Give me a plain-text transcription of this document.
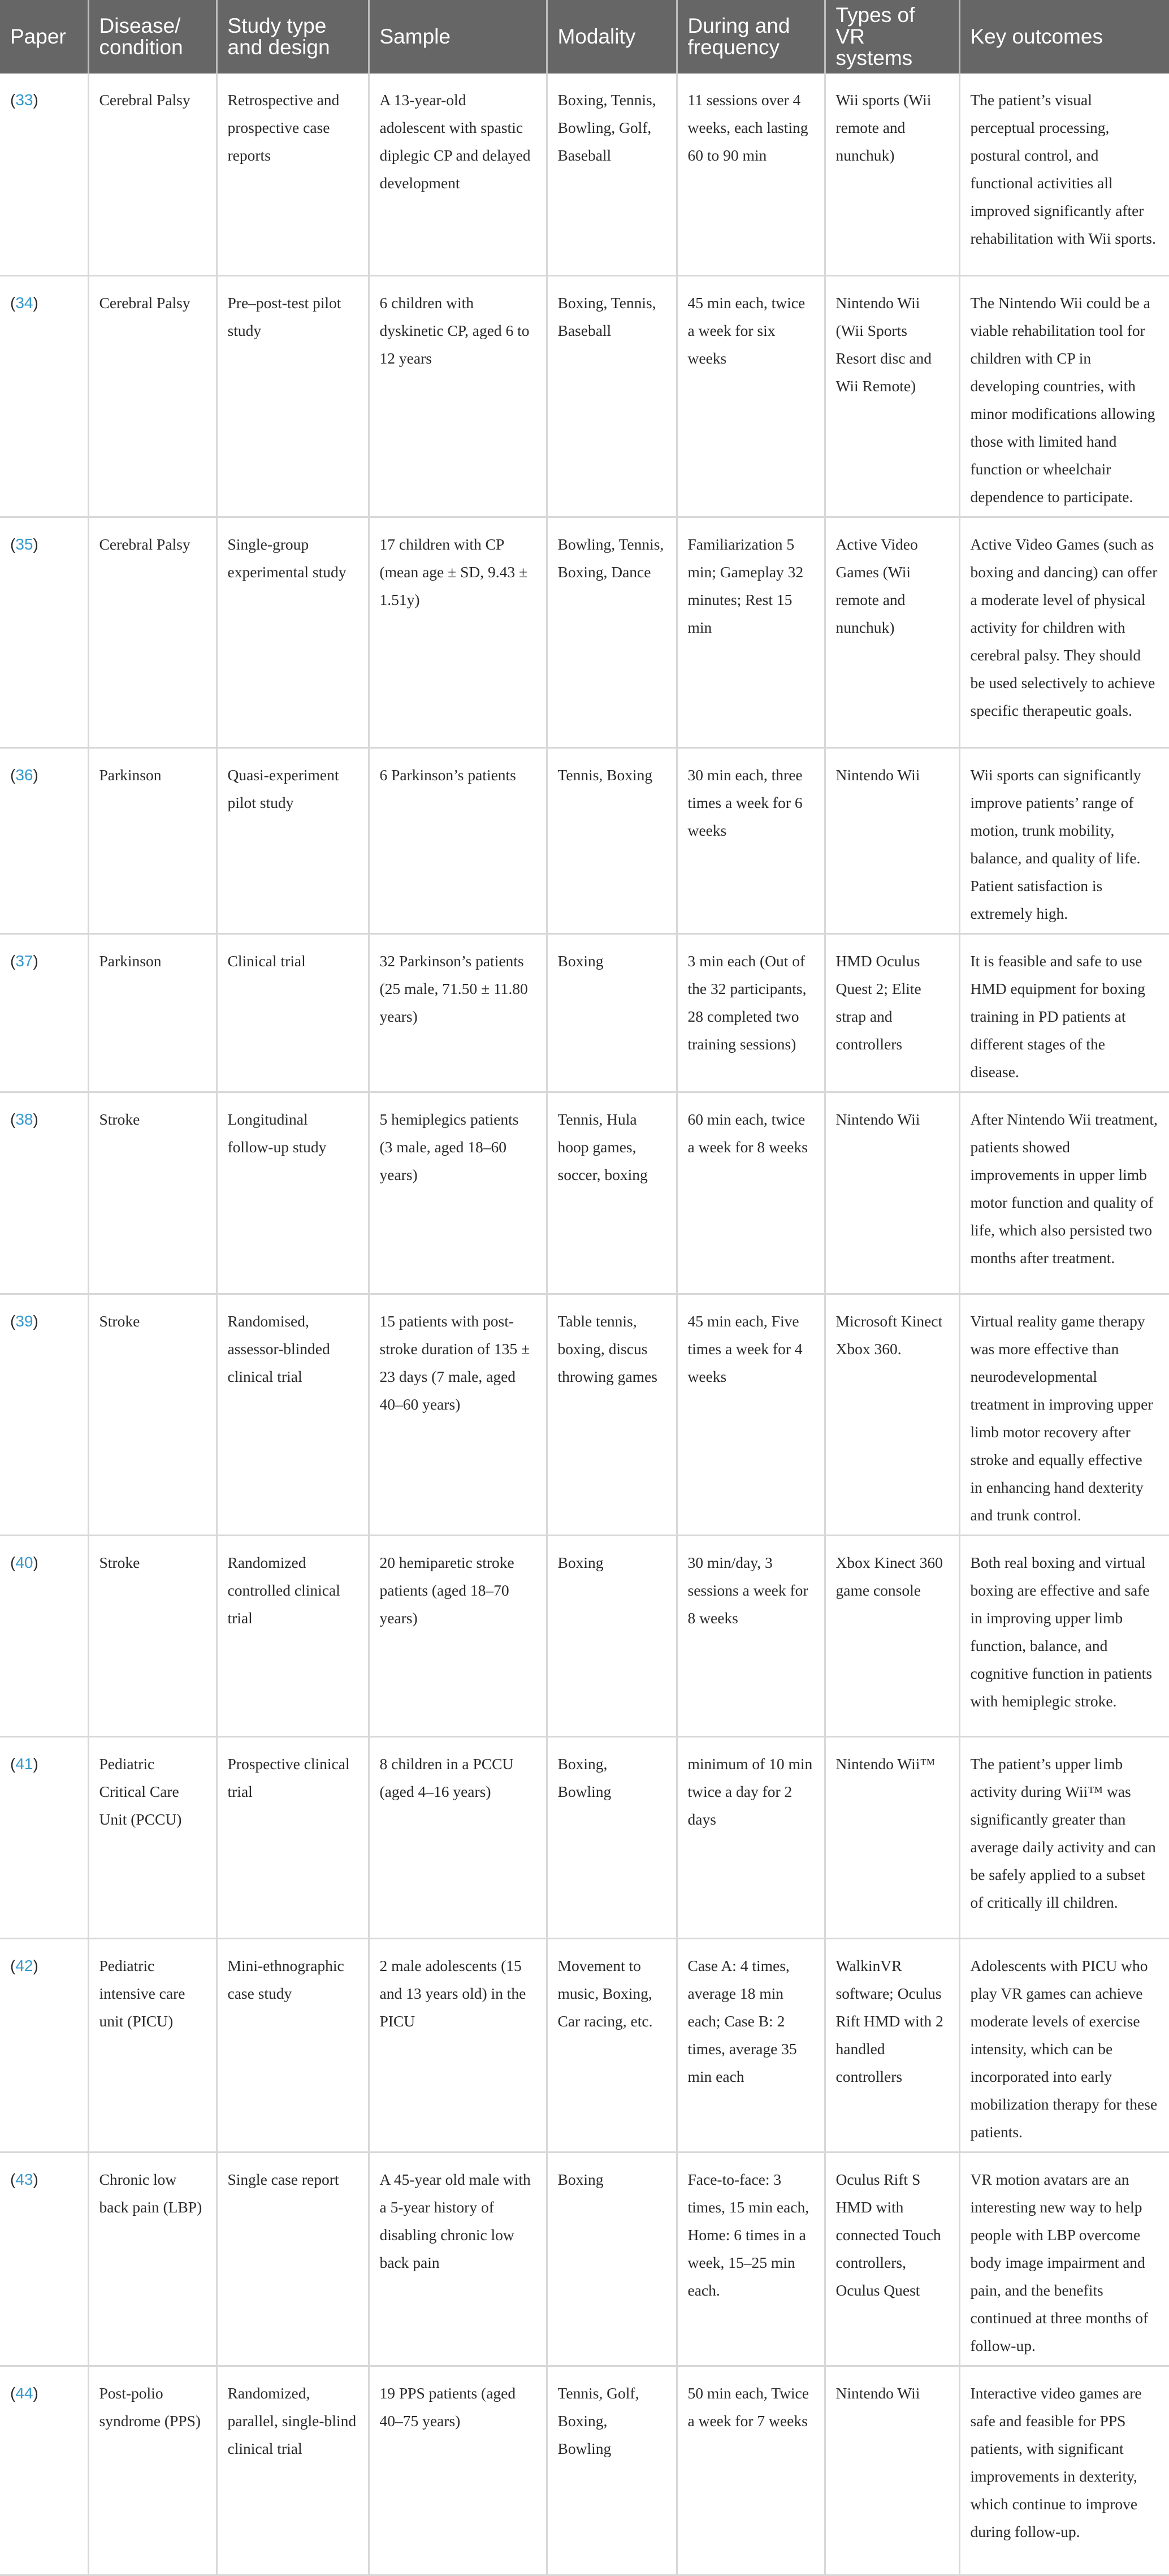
Paper	Disease/ condition	Study type and design	Sample	Modality	During and frequency	Types of VR systems	Key outcomes
(33)	Cerebral Palsy	Retrospective and prospective case reports	A 13-year-old adolescent with spastic diplegic CP and delayed development	Boxing, Tennis, Bowling, Golf, Baseball	11 sessions over 4 weeks, each lasting 60 to 90 min	Wii sports (Wii remote and nunchuk)	The patient’s visual perceptual processing, postural control, and functional activities all improved significantly after rehabilitation with Wii sports.
(34)	Cerebral Palsy	Pre–post-test pilot study	6 children with dyskinetic CP, aged 6 to 12 years	Boxing, Tennis, Baseball	45 min each, twice a week for six weeks	Nintendo Wii (Wii Sports Resort disc and Wii Remote)	The Nintendo Wii could be a viable rehabilitation tool for children with CP in developing countries, with minor modifications allowing those with limited hand function or wheelchair dependence to participate.
(35)	Cerebral Palsy	Single-group experimental study	17 children with CP (mean age ± SD, 9.43 ± 1.51y)	Bowling, Tennis, Boxing, Dance	Familiarization 5 min; Gameplay 32 minutes; Rest 15 min	Active Video Games (Wii remote and nunchuk)	Active Video Games (such as boxing and dancing) can offer a moderate level of physical activity for children with cerebral palsy. They should be used selectively to achieve specific therapeutic goals.
(36)	Parkinson	Quasi-experiment pilot study	6 Parkinson’s patients	Tennis, Boxing	30 min each, three times a week for 6 weeks	Nintendo Wii	Wii sports can significantly improve patients’ range of motion, trunk mobility, balance, and quality of life. Patient satisfaction is extremely high.
(37)	Parkinson	Clinical trial	32 Parkinson’s patients (25 male, 71.50 ± 11.80 years)	Boxing	3 min each (Out of the 32 participants, 28 completed two training sessions)	HMD Oculus Quest 2; Elite strap and controllers	It is feasible and safe to use HMD equipment for boxing training in PD patients at different stages of the disease.
(38)	Stroke	Longitudinal follow-up study	5 hemiplegics patients (3 male, aged 18–60 years)	Tennis, Hula hoop games, soccer, boxing	60 min each, twice a week for 8 weeks	Nintendo Wii	After Nintendo Wii treatment, patients showed improvements in upper limb motor function and quality of life, which also persisted two months after treatment.
(39)	Stroke	Randomised, assessor-blinded clinical trial	15 patients with post-stroke duration of 135 ± 23 days (7 male, aged 40–60 years)	Table tennis, boxing, discus throwing games	45 min each, Five times a week for 4 weeks	Microsoft Kinect Xbox 360.	Virtual reality game therapy was more effective than neurodevelopmental treatment in improving upper limb motor recovery after stroke and equally effective in enhancing hand dexterity and trunk control.
(40)	Stroke	Randomized controlled clinical trial	20 hemiparetic stroke patients (aged 18–70 years)	Boxing	30 min/day, 3 sessions a week for 8 weeks	Xbox Kinect 360 game console	Both real boxing and virtual boxing are effective and safe in improving upper limb function, balance, and cognitive function in patients with hemiplegic stroke.
(41)	Pediatric Critical Care Unit (PCCU)	Prospective clinical trial	8 children in a PCCU (aged 4–16 years)	Boxing, Bowling	minimum of 10 min twice a day for 2 days	Nintendo Wii™	The patient’s upper limb activity during Wii™ was significantly greater than average daily activity and can be safely applied to a subset of critically ill children.
(42)	Pediatric intensive care unit (PICU)	Mini-ethnographic case study	2 male adolescents (15 and 13 years old) in the PICU	Movement to music, Boxing, Car racing, etc.	Case A: 4 times, average 18 min each; Case B: 2 times, average 35 min each	WalkinVR software; Oculus Rift HMD with 2 handled controllers	Adolescents with PICU who play VR games can achieve moderate levels of exercise intensity, which can be incorporated into early mobilization therapy for these patients.
(43)	Chronic low back pain (LBP)	Single case report	A 45-year old male with a 5-year history of disabling chronic low back pain	Boxing	Face-to-face: 3 times, 15 min each, Home: 6 times in a week, 15–25 min each.	Oculus Rift S HMD with connected Touch controllers, Oculus Quest	VR motion avatars are an interesting new way to help people with LBP overcome body image impairment and pain, and the benefits continued at three months of follow-up.
(44)	Post-polio syndrome (PPS)	Randomized, parallel, single-blind clinical trial	19 PPS patients (aged 40–75 years)	Tennis, Golf, Boxing, Bowling	50 min each, Twice a week for 7 weeks	Nintendo Wii	Interactive video games are safe and feasible for PPS patients, with significant improvements in dexterity, which continue to improve during follow-up.
